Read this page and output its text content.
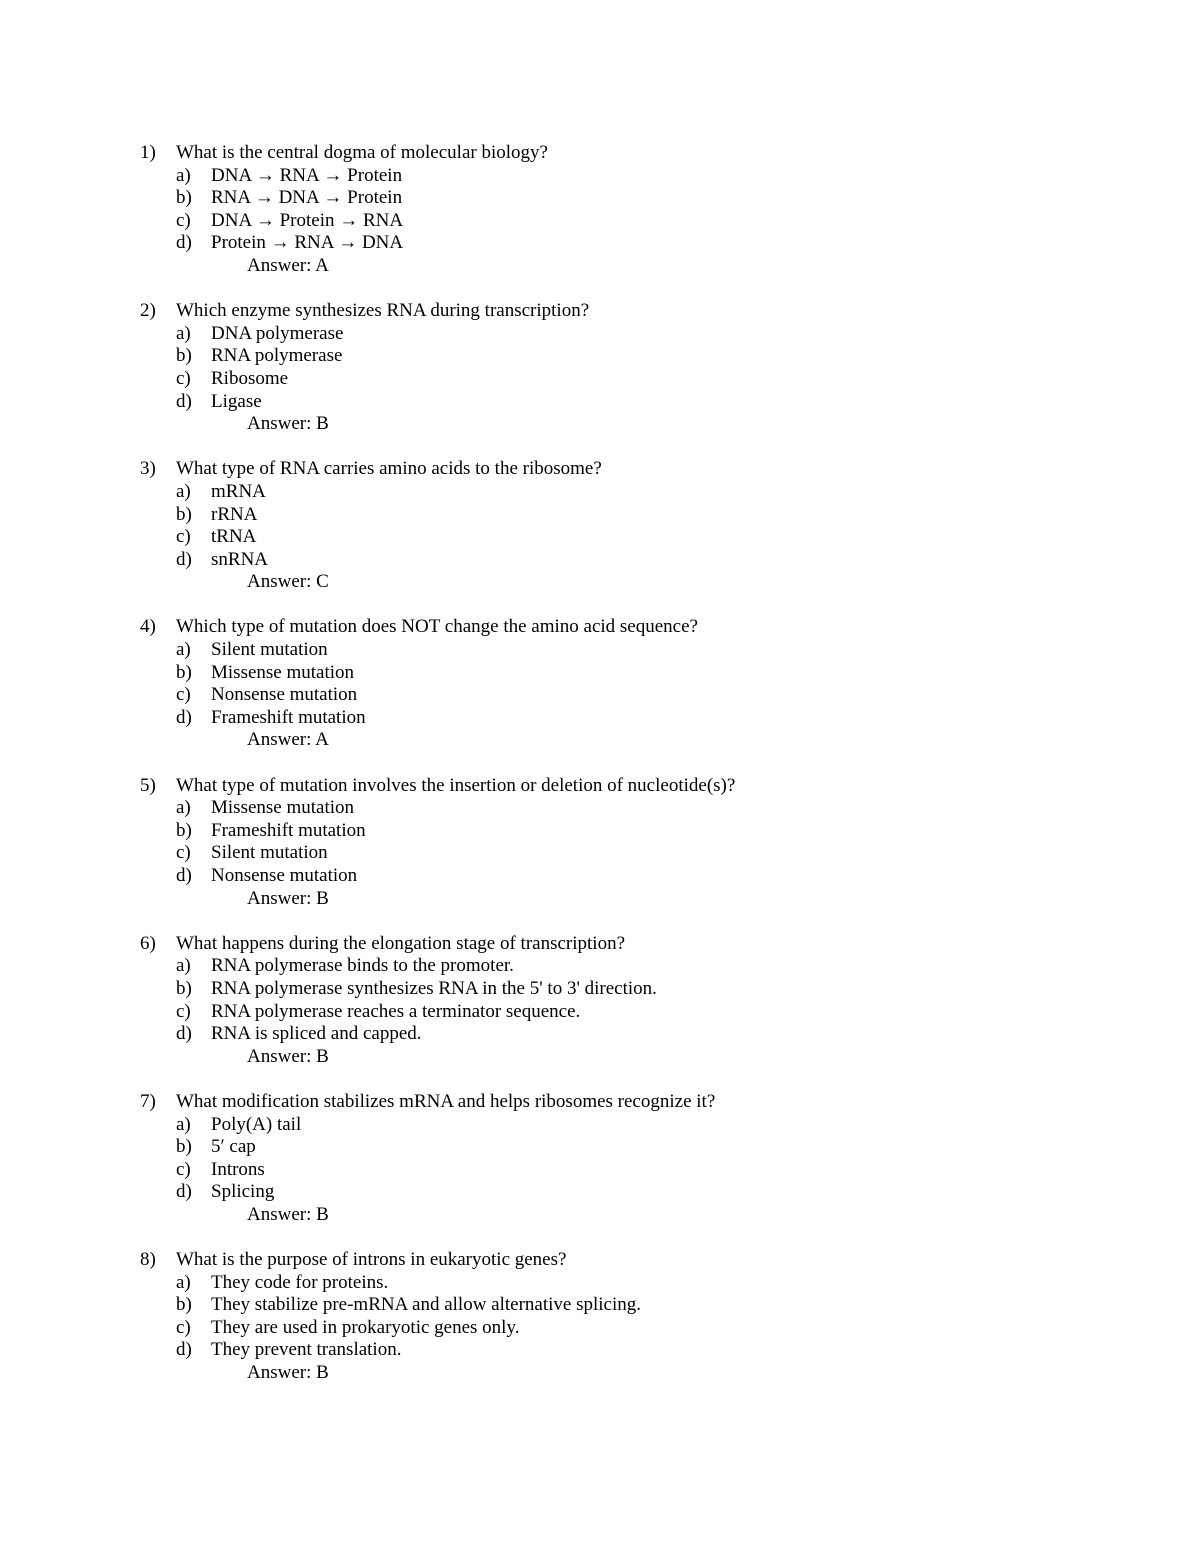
1) What is the central dogma of molecular biology?
a) DNA → RNA → Protein
b) RNA → DNA → Protein
c) DNA → Protein → RNA
d) Protein → RNA → DNA
Answer: A
2) Which enzyme synthesizes RNA during transcription?
a) DNA polymerase
b) RNA polymerase
c) Ribosome
d) Ligase
Answer: B
3) What type of RNA carries amino acids to the ribosome?
a) mRNA
b) rRNA
c) tRNA
d) snRNA
Answer: C
4) Which type of mutation does NOT change the amino acid sequence?
a) Silent mutation
b) Missense mutation
c) Nonsense mutation
d) Frameshift mutation
Answer: A
5) What type of mutation involves the insertion or deletion of nucleotide(s)?
a) Missense mutation
b) Frameshift mutation
c) Silent mutation
d) Nonsense mutation
Answer: B
6) What happens during the elongation stage of transcription?
a) RNA polymerase binds to the promoter.
b) RNA polymerase synthesizes RNA in the 5' to 3' direction.
c) RNA polymerase reaches a terminator sequence.
d) RNA is spliced and capped.
Answer: B
7) What modification stabilizes mRNA and helps ribosomes recognize it?
a) Poly(A) tail
b) 5′ cap
c) Introns
d) Splicing
Answer: B
8) What is the purpose of introns in eukaryotic genes?
a) They code for proteins.
b) They stabilize pre-mRNA and allow alternative splicing.
c) They are used in prokaryotic genes only.
d) They prevent translation.
Answer: B
